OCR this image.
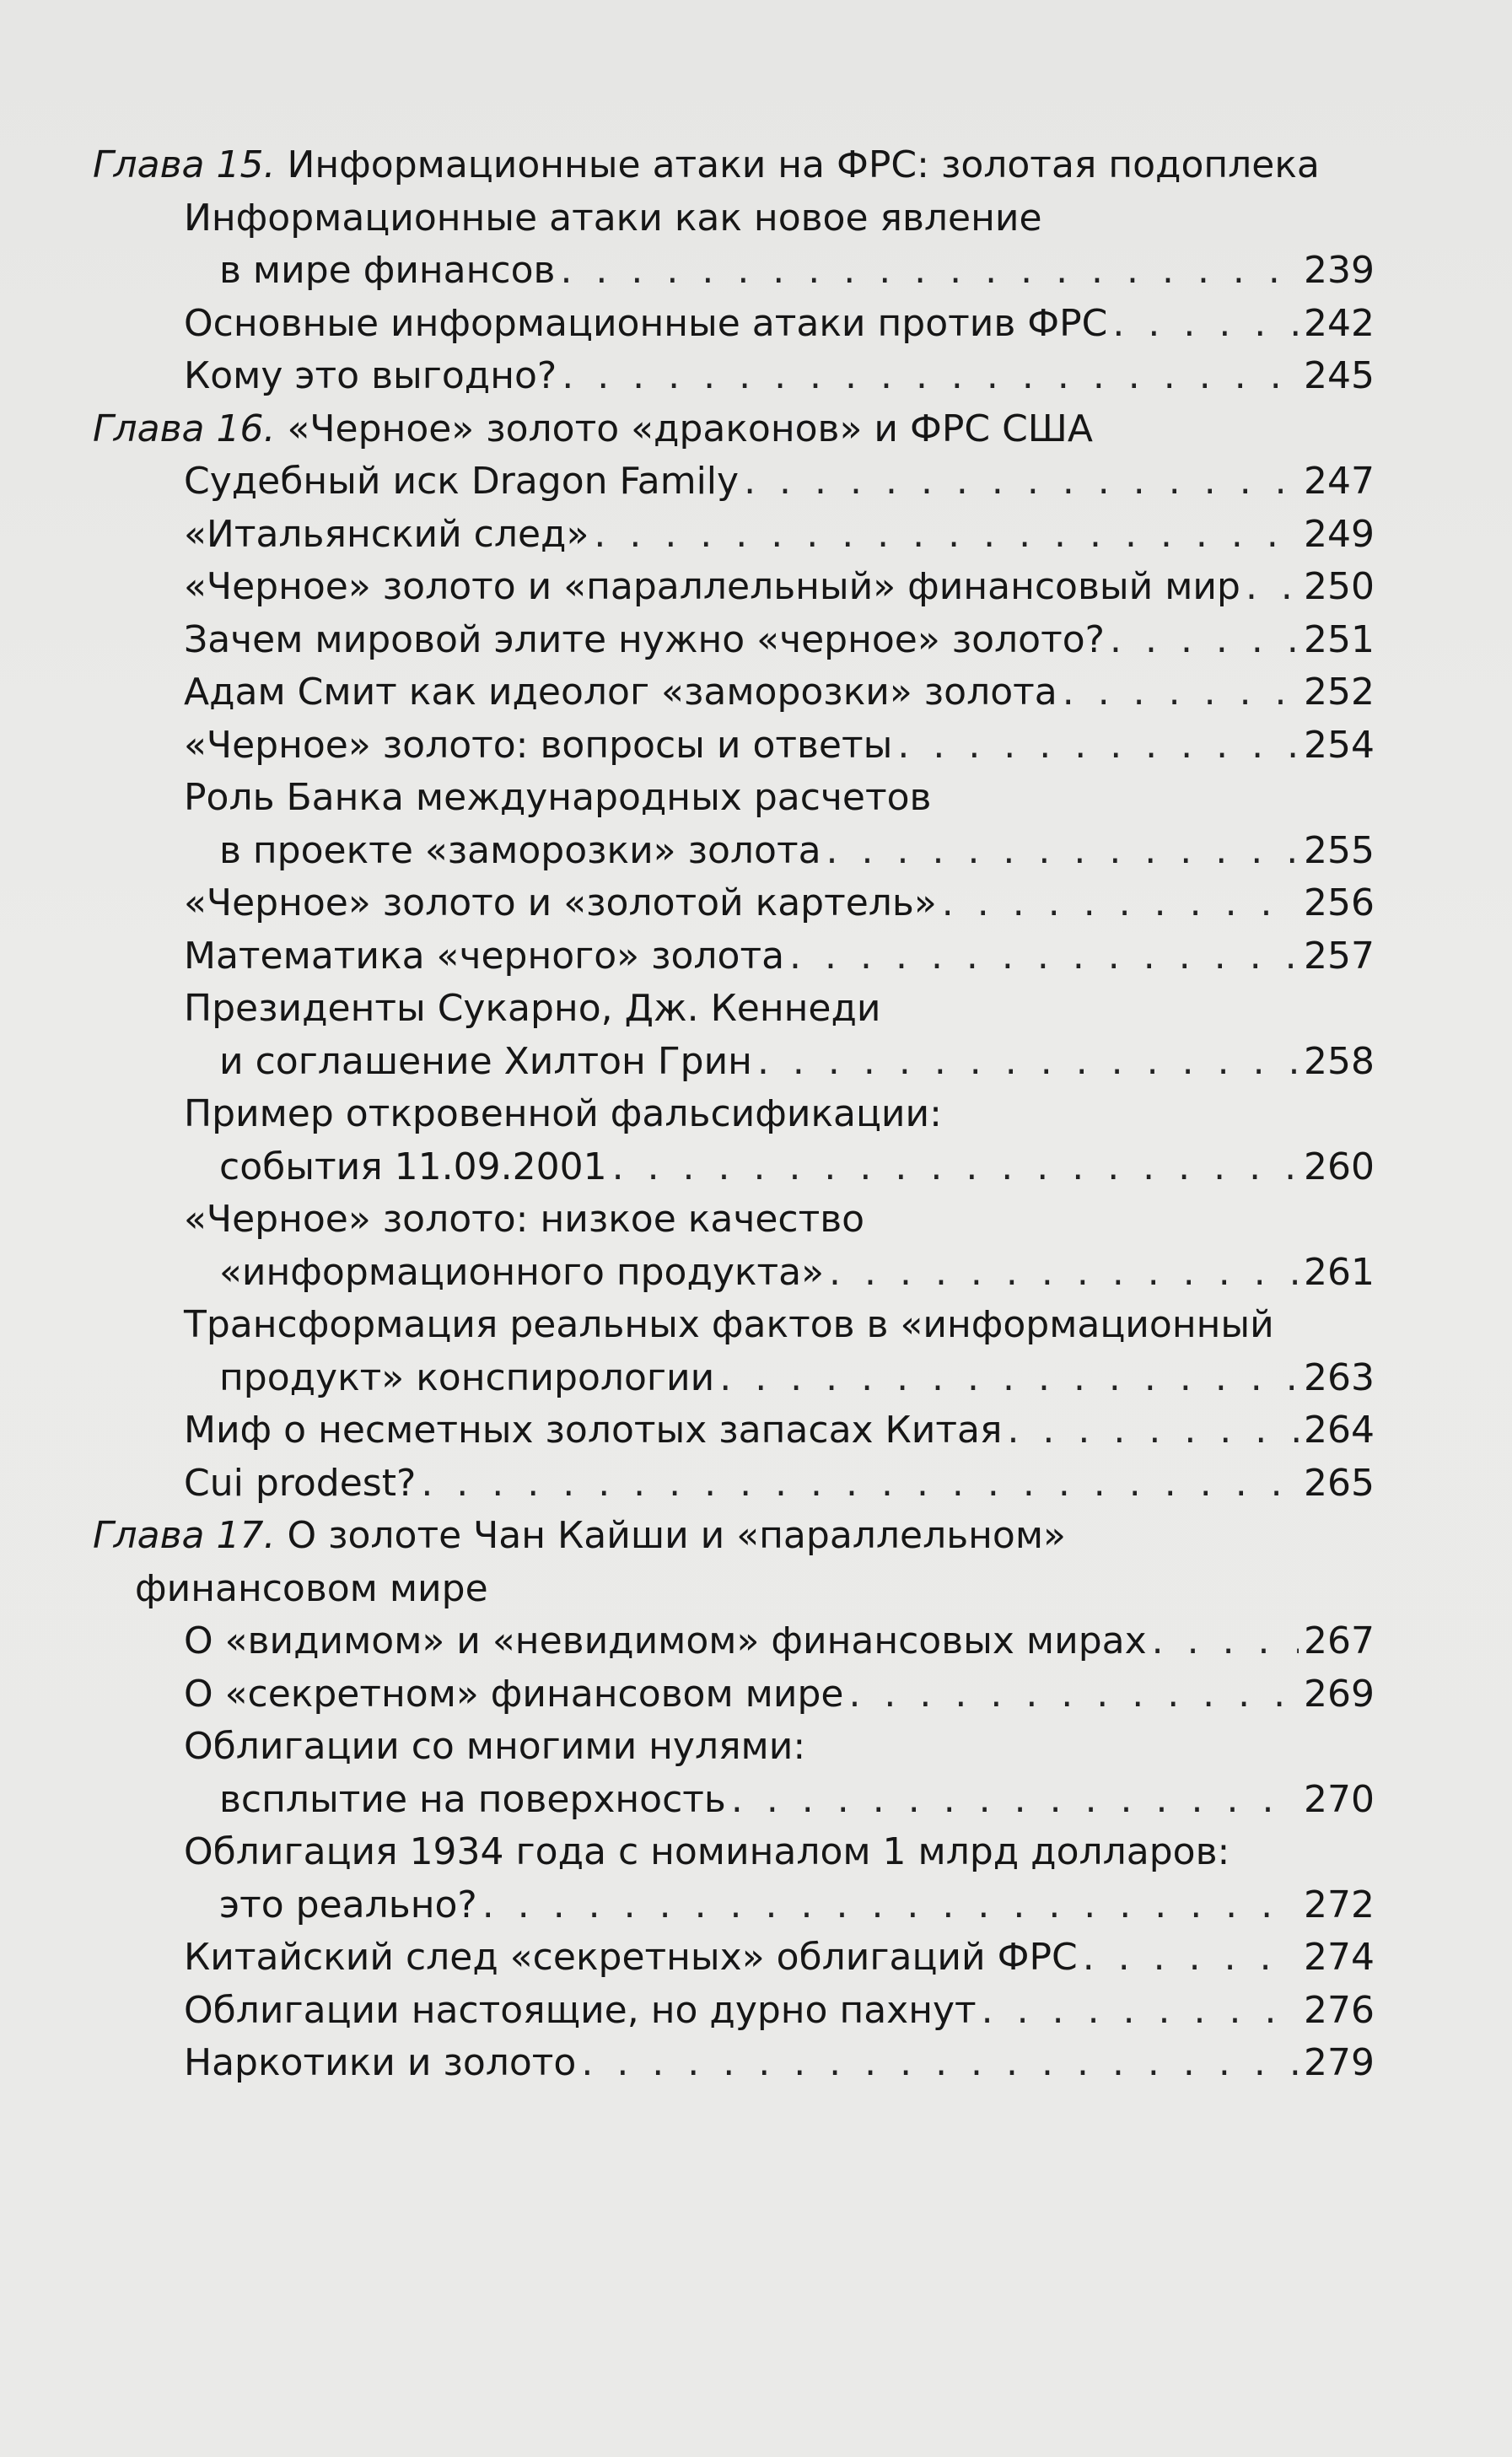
Глава 15. Информационные атаки на ФРС: золотая подоплека
Информационные атаки как новое явление
в мире финансов . . .	239
Основные информационные атаки против ФРС . . .	242
Кому это выгодно? . . .	245
Глава 16. «Черное» золото «драконов» и ФРС США
Судебный иск Dragon Family . . .	247
«Итальянский след» . . .	249
«Черное» золото и «параллельный» финансовый мир . . . 250
Зачем мировой элите нужно «черное» золото? . . .	251
Адам Смит как идеолог «заморозки» золота . . .	252
«Черное» золото: вопросы и ответы . . .	254
Роль Банка международных расчетов
в проекте «заморозки» золота . . .	255
«Черное» золото и «золотой картель» . . .	256
Математика «черного» золота . . .	257
Президенты Сукарно, Дж. Кеннеди
и соглашение Хилтон Грин . . .	258
Пример откровенной фальсификации:
события 11.09.2001 . . .	260
«Черное» золото: низкое качество
«информационного продукта» . . .	261
Трансформация реальных фактов в «информационный
продукт» конспирологии . . .	263
Миф о несметных золотых запасах Китая . . .	264
Cui prodest? . . .	265
Глава 17. О золоте Чан Кайши и «параллельном»
финансовом мире
О «видимом» и «невидимом» финансовых мирах . . .	267
О «секретном» финансовом мире . . .	269
Облигации со многими нулями:
всплытие на поверхность . . .	270
Облигация 1934 года с номиналом 1 млрд долларов:
это реально? . . .	272
Китайский след «секретных» облигаций ФРС . . .	274
Облигации настоящие, но дурно пахнут . . .	276
Наркотики и золото . . .	279
